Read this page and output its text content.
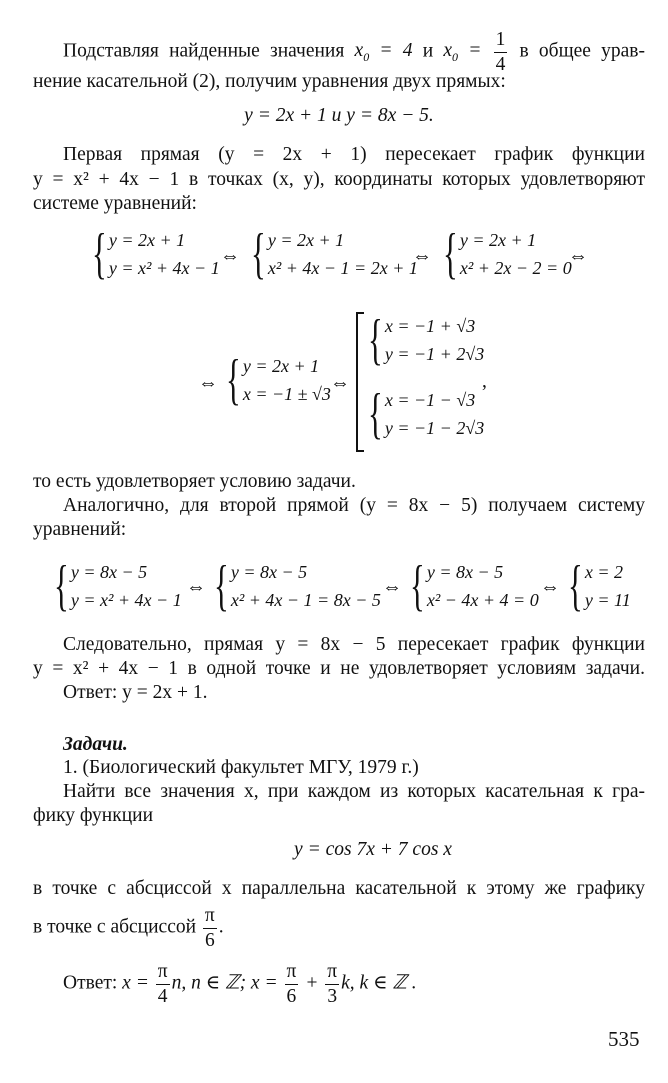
Подставляя найденные значения $x_0 = 4$ и $x_0 = \frac{1}{4}$ в общее урав-
нение касательной (2), получим уравнения двух прямых:
y = 2x + 1 и y = 8x − 5.
Первая прямая (y = 2x + 1) пересекает график функции
y = x² + 4x − 1 в точках (x, y), координаты которых удовлетворяют
системе уравнений:
{ y = 2x + 1
y = x² + 4x − 1
⇔ { y = 2x + 1
x² + 4x − 1 = 2x + 1
⇔ { y = 2x + 1
x² + 2x − 2 = 0
⇔
⇔ { y = 2x + 1
x = −1 ± √3 ⇔
{ x = −1 + √3
y = −1 + 2√3
{ x = −1 − √3
y = −1 − 2√3
,
то есть удовлетворяет условию задачи.
Аналогично, для второй прямой (y = 8x − 5) получаем систему
уравнений:
{ y = 8x − 5
y = x² + 4x − 1
⇔ { y = 8x − 5
x² + 4x − 1 = 8x − 5
⇔ { y = 8x − 5
x² − 4x + 4 = 0
⇔ { x = 2
y = 11
Следовательно, прямая y = 8x − 5 пересекает график функции
y = x² + 4x − 1 в одной точке и не удовлетворяет условиям задачи.
Ответ: y = 2x + 1.
Задачи.
1. (Биологический факультет МГУ, 1979 г.)
Найти все значения x, при каждом из которых касательная к гра-
фику функции
y = cos 7x + 7 cos x
в точке с абсциссой x параллельна касательной к этому же графику
в точке с абсциссой $\frac{\pi}{6}$ .
Ответ: $x = \frac{\pi}{4} n$, n ∈ ℤ; $x = \frac{\pi}{6} + \frac{\pi}{3} k$, k ∈ ℤ .
535
